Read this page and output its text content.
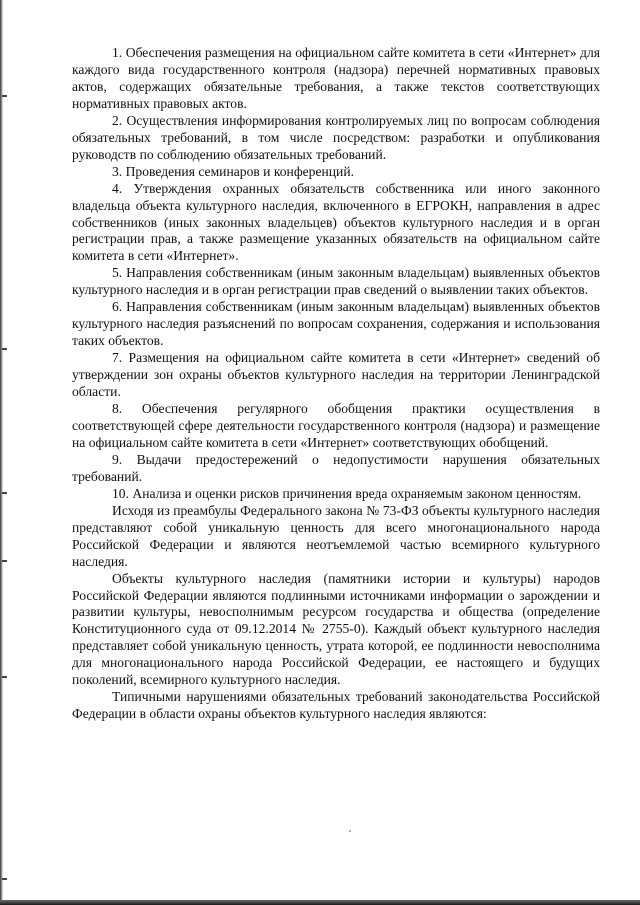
1. Обеспечения размещения на официальном сайте комитета в сети «Интернет» для каждого вида государственного контроля (надзора) перечней нормативных правовых актов, содержащих обязательные требования, а также текстов соответствующих нормативных правовых актов.

2. Осуществления информирования контролируемых лиц по вопросам соблюдения обязательных требований, в том числе посредством: разработки и опубликования руководств по соблюдению обязательных требований.

3. Проведения семинаров и конференций.

4. Утверждения охранных обязательств собственника или иного законного владельца объекта культурного наследия, включенного в ЕГРОКН, направления в адрес собственников (иных законных владельцев) объектов культурного наследия и в орган регистрации прав, а также размещение указанных обязательств на официальном сайте комитета в сети «Интернет».

5. Направления собственникам (иным законным владельцам) выявленных объектов культурного наследия и в орган регистрации прав сведений о выявлении таких объектов.

6. Направления собственникам (иным законным владельцам) выявленных объектов культурного наследия разъяснений по вопросам сохранения, содержания и использования таких объектов.

7. Размещения на официальном сайте комитета в сети «Интернет» сведений об утверждении зон охраны объектов культурного наследия на территории Ленинградской области.

8. Обеспечения регулярного обобщения практики осуществления в соответствующей сфере деятельности государственного контроля (надзора) и размещение на официальном сайте комитета в сети «Интернет» соответствующих обобщений.

9. Выдачи предостережений о недопустимости нарушения обязательных требований.

10. Анализа и оценки рисков причинения вреда охраняемым законом ценностям.

Исходя из преамбулы Федерального закона № 73-ФЗ объекты культурного наследия представляют собой уникальную ценность для всего многонационального народа Российской Федерации и являются неотъемлемой частью всемирного культурного наследия.

Объекты культурного наследия (памятники истории и культуры) народов Российской Федерации являются подлинными источниками информации о зарождении и развитии культуры, невосполнимым ресурсом государства и общества (определение Конституционного суда от 09.12.2014 № 2755-0). Каждый объект культурного наследия представляет собой уникальную ценность, утрата которой, ее подлинности невосполнима для многонационального народа Российской Федерации, ее настоящего и будущих поколений, всемирного культурного наследия.

Типичными нарушениями обязательных требований законодательства Российской Федерации в области охраны объектов культурного наследия являются:
